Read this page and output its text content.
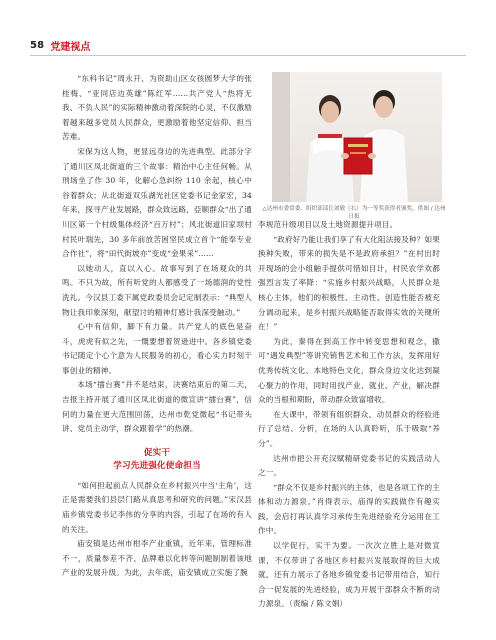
58 党建视点

“东科书记”周永开、为资助山区女孩圆梦大学的张桂梅、“亚同店边英雄”陈红军……共产党人“热将无我、不负人民”的实际精神激动着深院的心灵，不仅激励着越来越多党员人民群众，更激励着他坚定信仰、担当苦难。

宋保为这人物，更显远身边的先进典型。此部分字了通川区凤北街道的三个故事：精治中心主任何畅。从刑场坐了作 30 年，化解心急纠纷 110 余起，核心中谷着群众；从北街道双乐湖光社区党委书记金家宏，34 年来，探寻产业发展路，群众致远路，亞顺群众“出了通川区第一个村级集体经济“百万村”；风北街道旧家坝村村民叶瑞先，30 多年前放苦困坚民成立首个“能奉专业合作社”，将“田代街坡亦”变成“金果采”……

以她动人，直以入心。故事写到了在场观众的共鸣。不只为故，所有听党的人都感受了一场德润的党性洗礼。今汉县工委下属党政委员会记定制表示：“典型人物让我印象深刻，献望讨的精神灯感计我深受触动。”

心中有信仰，脚下有力量。共产党人的底色是奋斗，虎虎有似之先，一慨要想着贺逊进中。各乡镇党委书记随定个心个意为人民服务的初心，看心实力时刻干事创业的精神。

本场“擂台赛”并不是结束，决赛结束后的第二天，吉报主持开展了通川区凤北街道的微宣讲“擂台赛”，信何的力量在更大范围回荡，达州市乾党微起“书记带头讲、党员主动学，群众跟着学”的热潮。

促实干
学习先进强化使命担当

“如何担起前点人民群众在乡村振兴中当‘主角’，这正是需要我们县层门路从真思考和研究的问题。”宋汉县庙乡镇党委书记李伟的分享的内容，引起了在场的有人的关注。

庙安镇是达州市柑李产业重镇，近年来，管理标准不一，质量参差不齐、品牌难以化转等问题制制着该地产业的发展升级。为此，去年底，庙安镇成立实施了腕

△达州市委常委、组织部部长刘敏（右）为一等奖获得者颁奖。供图 / 达州日报

李规范升级项目以及土地资源提升项目。

“政府好乃能让我们享了有大化阻法接及种？如果换种失败，带来的损失是不是政府承担？”在村出时开现场的会小组触手提供可惜如目计，村民农学欢都强烈言发了率降：“实施乡村振兴战略，人民群众是核心主体，他们的积极性、主动性、创造性能否被充分调动起来，是乡村振兴战略能否取得实效的关键所在！”

为此，秦得在到高工作中转变思想和观念，撒可“遇发典型”等讲究销售艺术和工作方法，发挥用好优秀传统文化、本地特色文化，群众身边文化达到凝心聚力的作用，同时用找产业、就业、产业，解决群众的当根和期盼，带动群众致富增收。

在大课中，带领有组织群众、动员群众的经验进行了总结、分析，在场的人认真聆听，乐于吸取“养分”。

达州市把公开充汉赋精研党委书记的实践活动人之一。

“群众不仅是乡村振兴的主体，也是各项工作的主体和动力源泉。”肖得表示，庙得的实践做作有趣实践，会启打再认真学习承传生先进经验充分运用在工作中。

以学促行，实干为要。一次次立胜上是对微宣课，不仅带讲了各地区乡村振兴发展取得的巨大成就，还有力展示了各地乡镇党委书记带用结合，知行合一促发展的先进经验，成为开展干部群众不断的动力源泉。（责编 / 陈文娟）
